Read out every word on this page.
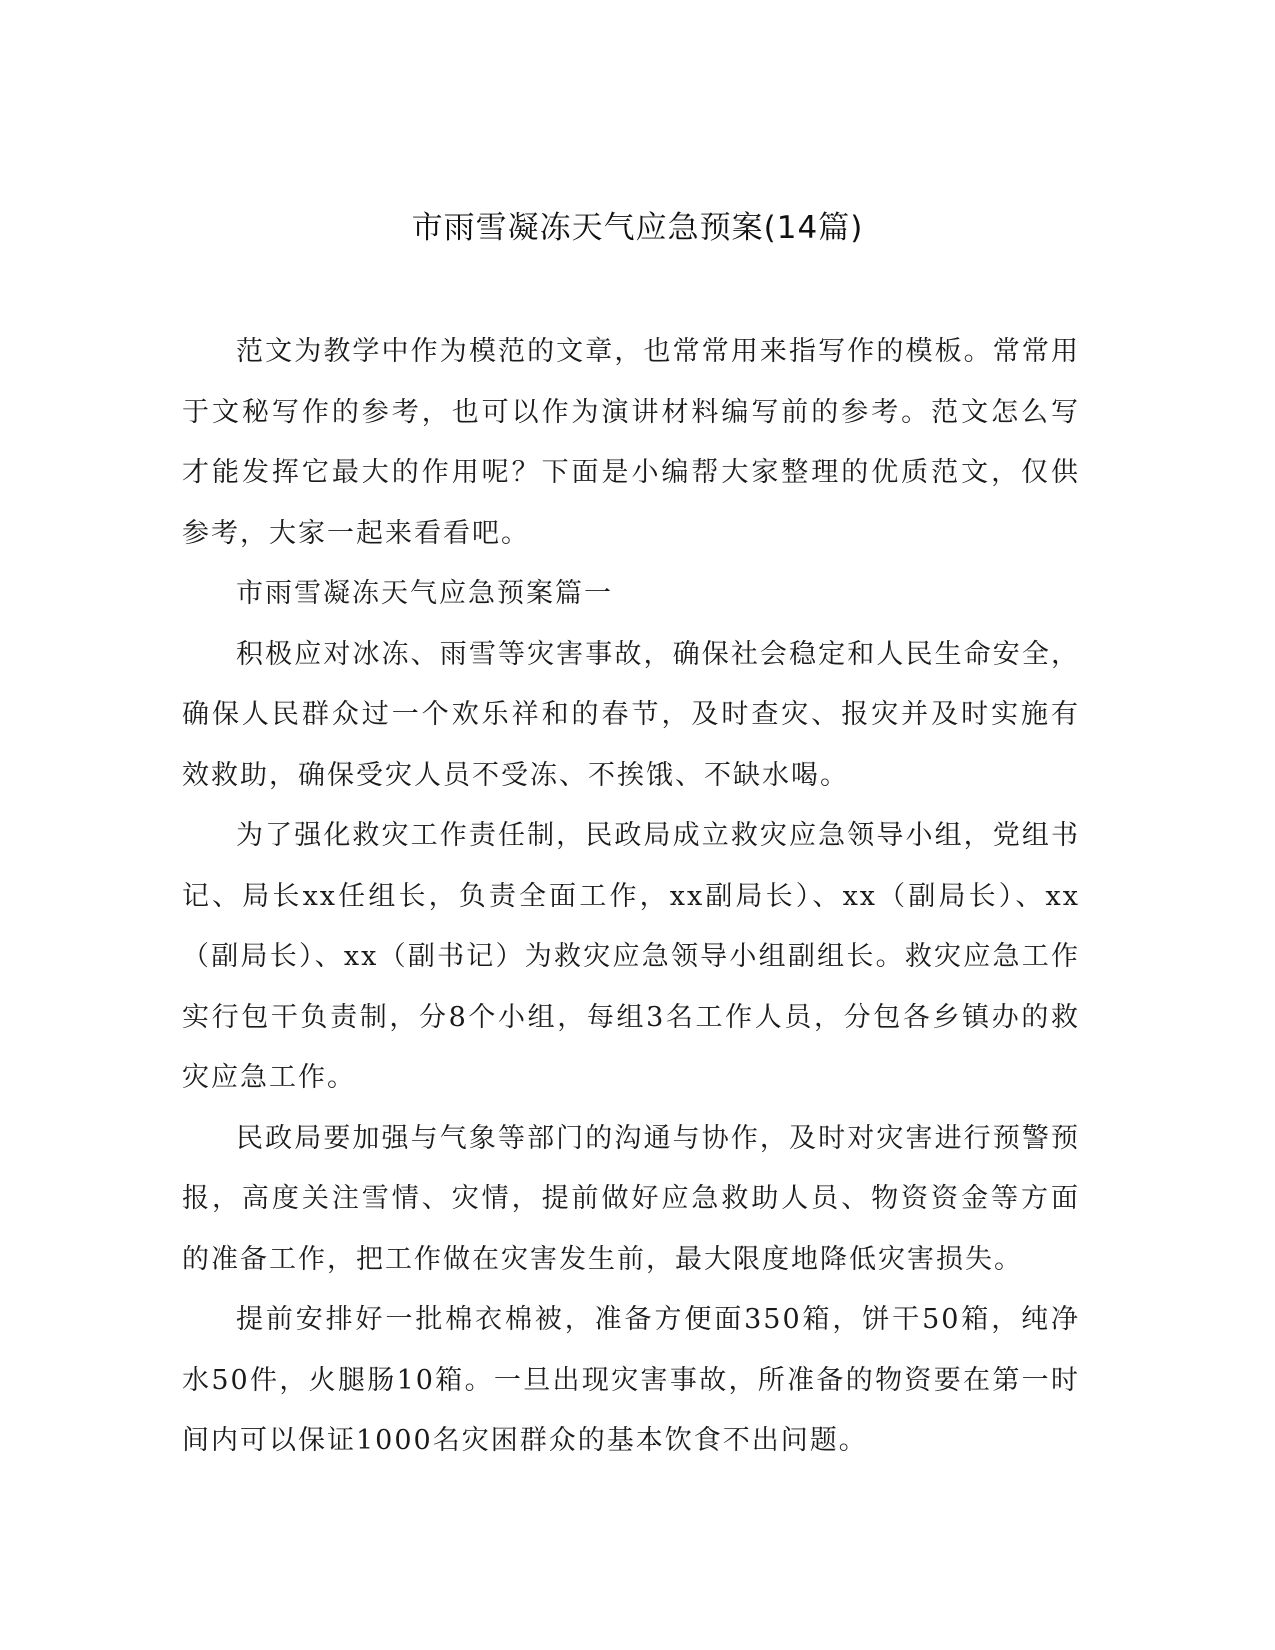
市雨雪凝冻天气应急预案(14篇)

范文为教学中作为模范的文章，也常常用来指写作的模板。常常用于文秘写作的参考，也可以作为演讲材料编写前的参考。范文怎么写才能发挥它最大的作用呢？下面是小编帮大家整理的优质范文，仅供参考，大家一起来看看吧。

市雨雪凝冻天气应急预案篇一

积极应对冰冻、雨雪等灾害事故，确保社会稳定和人民生命安全，确保人民群众过一个欢乐祥和的春节，及时查灾、报灾并及时实施有效救助，确保受灾人员不受冻、不挨饿、不缺水喝。

为了强化救灾工作责任制，民政局成立救灾应急领导小组，党组书记、局长xx任组长，负责全面工作，xx副局长）、xx（副局长）、xx（副局长）、xx（副书记）为救灾应急领导小组副组长。救灾应急工作实行包干负责制，分8个小组，每组3名工作人员，分包各乡镇办的救灾应急工作。

民政局要加强与气象等部门的沟通与协作，及时对灾害进行预警预报，高度关注雪情、灾情，提前做好应急救助人员、物资资金等方面的准备工作，把工作做在灾害发生前，最大限度地降低灾害损失。

提前安排好一批棉衣棉被，准备方便面350箱，饼干50箱，纯净水50件，火腿肠10箱。一旦出现灾害事故，所准备的物资要在第一时间内可以保证1000名灾困群众的基本饮食不出问题。
